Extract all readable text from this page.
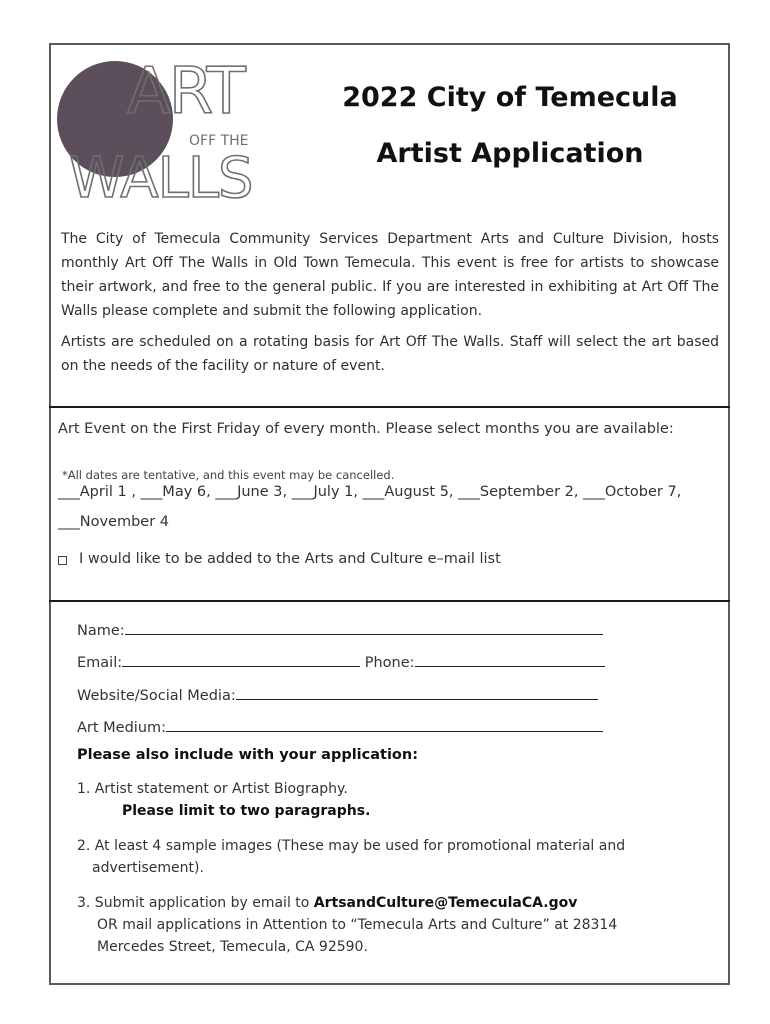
ART
OFF THE
WALLS
2022 City of Temecula
Artist Application
The City of Temecula Community Services Department Arts and Culture Division, hosts monthly Art Off The Walls in Old Town Temecula. This event is free for artists to showcase their artwork, and free to the general public. If you are interested in exhibiting at Art Off The Walls please complete and submit the following application.
Artists are scheduled on a rotating basis for Art Off The Walls. Staff will select the art based on the needs of the facility or nature of event.
Art Event on the First Friday of every month. Please select months you are available:
*All dates are tentative, and this event may be cancelled.
___April 1 , ___May 6, ___June 3, ___July 1, ___August 5, ___September 2, ___October 7,
___November 4
I would like to be added to the Arts and Culture e–mail list
Name:
Email:	Phone:
Website/Social Media:
Art Medium:
Please also include with your application:
1. Artist statement or Artist Biography.
Please limit to two paragraphs.
2. At least 4 sample images (These may be used for promotional material and
advertisement).
3. Submit application by email to ArtsandCulture@TemeculaCA.gov
OR mail applications in Attention to “Temecula Arts and Culture” at 28314
Mercedes Street, Temecula, CA 92590.
